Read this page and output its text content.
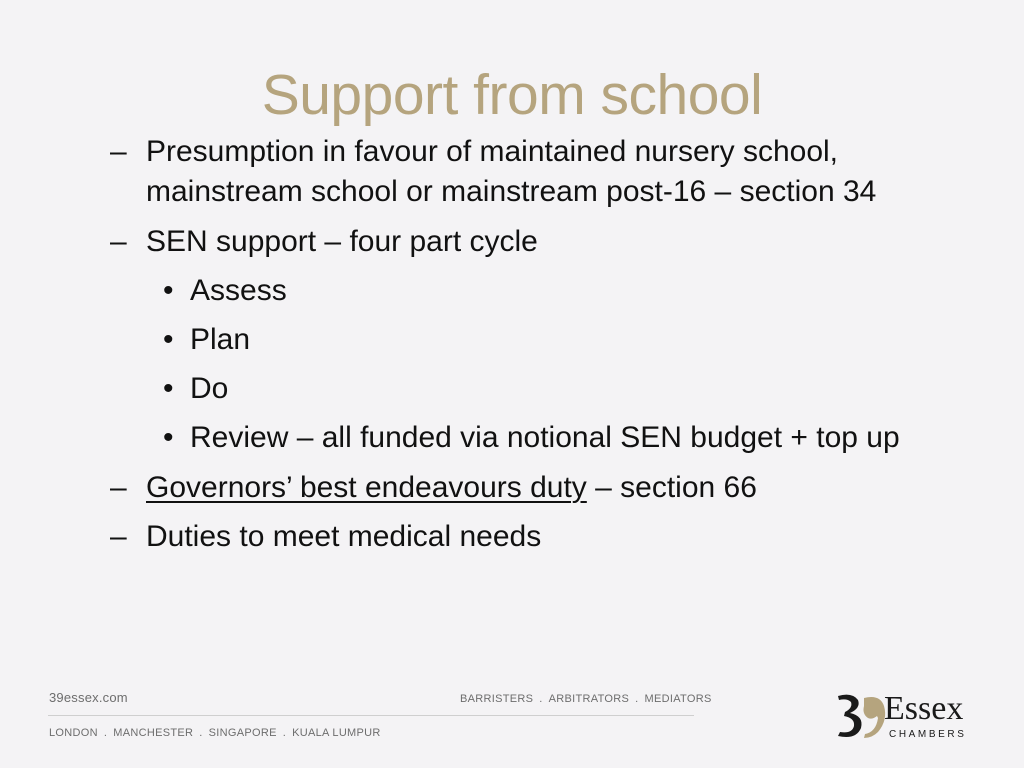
Support from school
– Presumption in favour of maintained nursery school,
mainstream school or mainstream post-16 – section 34
– SEN support – four part cycle
• Assess
• Plan
• Do
• Review – all funded via notional SEN budget + top up
– Governors’ best endeavours duty – section 66
– Duties to meet medical needs
39essex.com
LONDON . MANCHESTER . SINGAPORE . KUALA LUMPUR
BARRISTERS . ARBITRATORS . MEDIATORS	Essex
CHAMBERS
